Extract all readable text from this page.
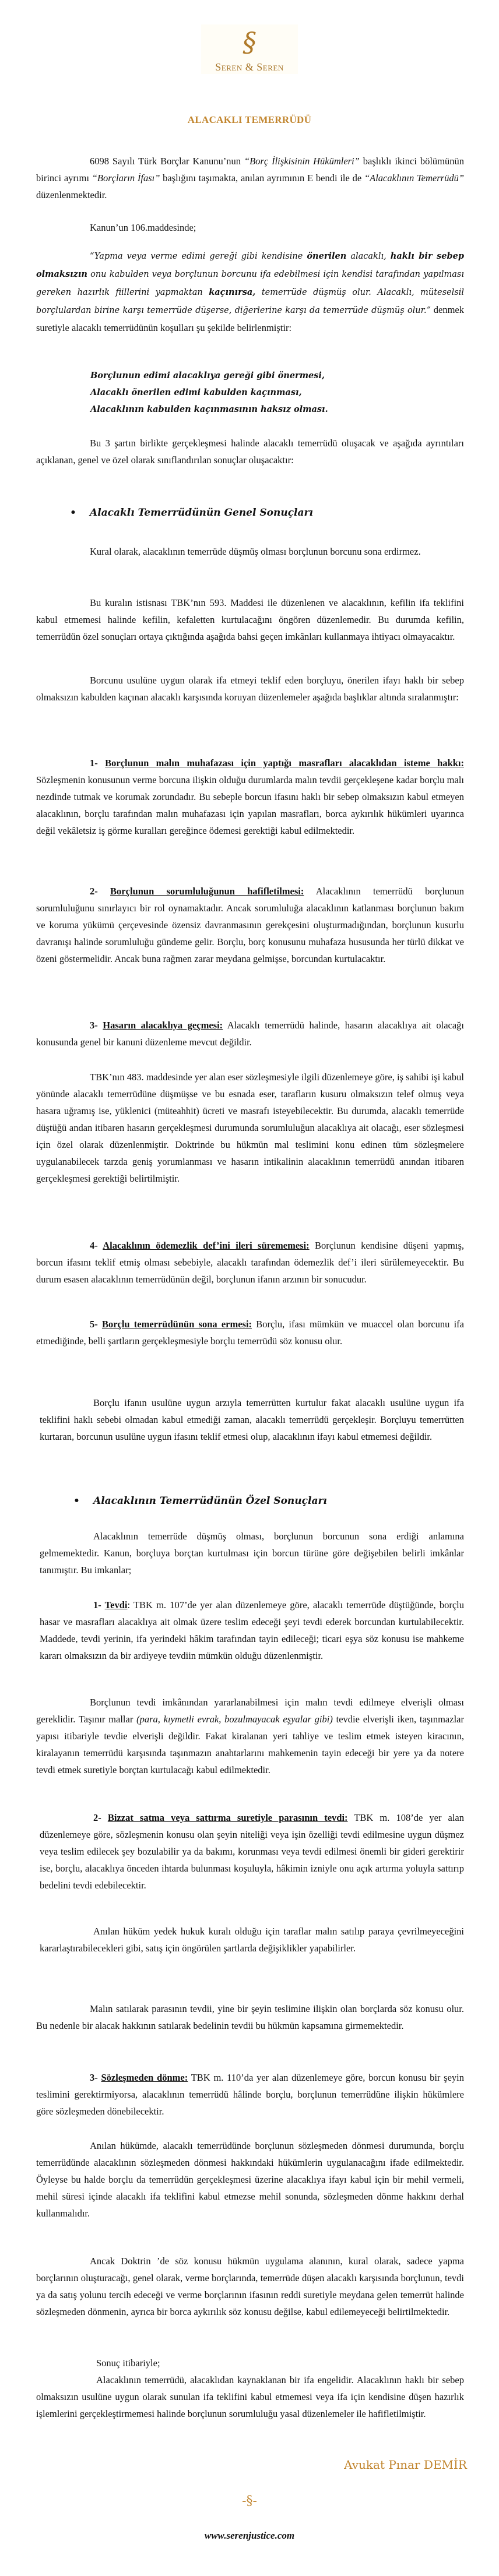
§
Seren & Seren
ALACAKLI TEMERRÜDÜ

6098 Sayılı Türk Borçlar Kanunu’nun “Borç İlişkisinin Hükümleri” başlıklı ikinci bölümünün birinci ayrımı “Borçların İfası” başlığını taşımakta, anılan ayrımının E bendi ile de “Alacaklının Temerrüdü” düzenlenmektedir.

Kanun’un 106.maddesinde;

“Yapma veya verme edimi gereği gibi kendisine önerilen alacaklı, haklı bir sebep olmaksızın onu kabulden veya borçlunun borcunu ifa edebilmesi için kendisi tarafından yapılması gereken hazırlık fiillerini yapmaktan kaçınırsa, temerrüde düşmüş olur. Alacaklı, müteselsil borçlulardan birine karşı temerrüde düşerse, diğerlerine karşı da temerrüde düşmüş olur.” denmek suretiyle alacaklı temerrüdünün koşulları şu şekilde belirlenmiştir:

Borçlunun edimi alacaklıya gereği gibi önermesi,
Alacaklı önerilen edimi kabulden kaçınması,
Alacaklının kabulden kaçınmasının haksız olması.

Bu 3 şartın birlikte gerçekleşmesi halinde alacaklı temerrüdü oluşacak ve aşağıda ayrıntıları açıklanan, genel ve özel olarak sınıflandırılan sonuçlar oluşacaktır:

• Alacaklı Temerrüdünün Genel Sonuçları

Kural olarak, alacaklının temerrüde düşmüş olması borçlunun borcunu sona erdirmez.

Bu kuralın istisnası TBK’nın 593. Maddesi ile düzenlenen ve alacaklının, kefilin ifa teklifini kabul etmemesi halinde kefilin, kefaletten kurtulacağını öngören düzenlemedir. Bu durumda kefilin, temerrüdün özel sonuçları ortaya çıktığında aşağıda bahsi geçen imkânları kullanmaya ihtiyacı olmayacaktır.

Borcunu usulüne uygun olarak ifa etmeyi teklif eden borçluyu, önerilen ifayı haklı bir sebep olmaksızın kabulden kaçınan alacaklı karşısında koruyan düzenlemeler aşağıda başlıklar altında sıralanmıştır:

1- Borçlunun malın muhafazası için yaptığı masrafları alacaklıdan isteme hakkı: Sözleşmenin konusunun verme borcuna ilişkin olduğu durumlarda malın tevdii gerçekleşene kadar borçlu malı nezdinde tutmak ve korumak zorundadır. Bu sebeple borcun ifasını haklı bir sebep olmaksızın kabul etmeyen alacaklının, borçlu tarafından malın muhafazası için yapılan masrafları, borca aykırılık hükümleri uyarınca değil vekâletsiz iş görme kuralları gereğince ödemesi gerektiği kabul edilmektedir.

2- Borçlunun sorumluluğunun hafifletilmesi: Alacaklının temerrüdü borçlunun sorumluluğunu sınırlayıcı bir rol oynamaktadır. Ancak sorumluluğa alacaklının katlanması borçlunun bakım ve koruma yükümü çerçevesinde özensiz davranmasının gerekçesini oluşturmadığından, borçlunun kusurlu davranışı halinde sorumluluğu gündeme gelir. Borçlu, borç konusunu muhafaza hususunda her türlü dikkat ve özeni göstermelidir. Ancak buna rağmen zarar meydana gelmişse, borcundan kurtulacaktır.

3- Hasarın alacaklıya geçmesi: Alacaklı temerrüdü halinde, hasarın alacaklıya ait olacağı konusunda genel bir kanuni düzenleme mevcut değildir.

TBK’nın 483. maddesinde yer alan eser sözleşmesiyle ilgili düzenlemeye göre, iş sahibi işi kabul yönünde alacaklı temerrüdüne düşmüşse ve bu esnada eser, tarafların kusuru olmaksızın telef olmuş veya hasara uğramış ise, yüklenici (müteahhit) ücreti ve masrafı isteyebilecektir. Bu durumda, alacaklı temerrüde düştüğü andan itibaren hasarın gerçekleşmesi durumunda sorumluluğun alacaklıya ait olacağı, eser sözleşmesi için özel olarak düzenlenmiştir. Doktrinde bu hükmün mal teslimini konu edinen tüm sözleşmelere uygulanabilecek tarzda geniş yorumlanması ve hasarın intikalinin alacaklının temerrüdü anından itibaren gerçekleşmesi gerektiği belirtilmiştir.

4- Alacaklının ödemezlik def’ini ileri sürememesi: Borçlunun kendisine düşeni yapmış, borcun ifasını teklif etmiş olması sebebiyle, alacaklı tarafından ödemezlik def’i ileri sürülemeyecektir. Bu durum esasen alacaklının temerrüdünün değil, borçlunun ifanın arzının bir sonucudur.

5- Borçlu temerrüdünün sona ermesi: Borçlu, ifası mümkün ve muaccel olan borcunu ifa etmediğinde, belli şartların gerçekleşmesiyle borçlu temerrüdü söz konusu olur.

Borçlu ifanın usulüne uygun arzıyla temerrütten kurtulur fakat alacaklı usulüne uygun ifa teklifini haklı sebebi olmadan kabul etmediği zaman, alacaklı temerrüdü gerçekleşir. Borçluyu temerrütten kurtaran, borcunun usulüne uygun ifasını teklif etmesi olup, alacaklının ifayı kabul etmemesi değildir.

• Alacaklının Temerrüdünün Özel Sonuçları

Alacaklının temerrüde düşmüş olması, borçlunun borcunun sona erdiği anlamına gelmemektedir. Kanun, borçluya borçtan kurtulması için borcun türüne göre değişebilen belirli imkânlar tanımıştır. Bu imkanlar;

1- Tevdi: TBK m. 107’de yer alan düzenlemeye göre, alacaklı temerrüde düştüğünde, borçlu hasar ve masrafları alacaklıya ait olmak üzere teslim edeceği şeyi tevdi ederek borcundan kurtulabilecektir. Maddede, tevdi yerinin, ifa yerindeki hâkim tarafından tayin edileceği; ticari eşya söz konusu ise mahkeme kararı olmaksızın da bir ardiyeye tevdiin mümkün olduğu düzenlenmiştir.

Borçlunun tevdi imkânından yararlanabilmesi için malın tevdi edilmeye elverişli olması gereklidir. Taşınır mallar (para, kıymetli evrak, bozulmayacak eşyalar gibi) tevdie elverişli iken, taşınmazlar yapısı itibariyle tevdie elverişli değildir. Fakat kiralanan yeri tahliye ve teslim etmek isteyen kiracının, kiralayanın temerrüdü karşısında taşınmazın anahtarlarını mahkemenin tayin edeceği bir yere ya da notere tevdi etmek suretiyle borçtan kurtulacağı kabul edilmektedir.

2- Bizzat satma veya sattırma suretiyle parasının tevdi: TBK m. 108’de yer alan düzenlemeye göre, sözleşmenin konusu olan şeyin niteliği veya işin özelliği tevdi edilmesine uygun düşmez veya teslim edilecek şey bozulabilir ya da bakımı, korunması veya tevdi edilmesi önemli bir gideri gerektirir ise, borçlu, alacaklıya önceden ihtarda bulunması koşuluyla, hâkimin izniyle onu açık artırma yoluyla sattırıp bedelini tevdi edebilecektir.

Anılan hüküm yedek hukuk kuralı olduğu için taraflar malın satılıp paraya çevrilmeyeceğini kararlaştırabilecekleri gibi, satış için öngörülen şartlarda değişiklikler yapabilirler.

Malın satılarak parasının tevdii, yine bir şeyin teslimine ilişkin olan borçlarda söz konusu olur. Bu nedenle bir alacak hakkının satılarak bedelinin tevdii bu hükmün kapsamına girmemektedir.

3- Sözleşmeden dönme: TBK m. 110’da yer alan düzenlemeye göre, borcun konusu bir şeyin teslimini gerektirmiyorsa, alacaklının temerrüdü hâlinde borçlu, borçlunun temerrüdüne ilişkin hükümlere göre sözleşmeden dönebilecektir.

Anılan hükümde, alacaklı temerrüdünde borçlunun sözleşmeden dönmesi durumunda, borçlu temerrüdünde alacaklının sözleşmeden dönmesi hakkındaki hükümlerin uygulanacağını ifade edilmektedir. Öyleyse bu halde borçlu da temerrüdün gerçekleşmesi üzerine alacaklıya ifayı kabul için bir mehil vermeli, mehil süresi içinde alacaklı ifa teklifini kabul etmezse mehil sonunda, sözleşmeden dönme hakkını derhal kullanmalıdır.

Ancak Doktrin ’de söz konusu hükmün uygulama alanının, kural olarak, sadece yapma borçlarının oluşturacağı, genel olarak, verme borçlarında, temerrüde düşen alacaklı karşısında borçlunun, tevdi ya da satış yolunu tercih edeceği ve verme borçlarının ifasının reddi suretiyle meydana gelen temerrüt halinde sözleşmeden dönmenin, ayrıca bir borca aykırılık söz konusu değilse, kabul edilemeyeceği belirtilmektedir.

Sonuç itibariyle;

Alacaklının temerrüdü, alacaklıdan kaynaklanan bir ifa engelidir. Alacaklının haklı bir sebep olmaksızın usulüne uygun olarak sunulan ifa teklifini kabul etmemesi veya ifa için kendisine düşen hazırlık işlemlerini gerçekleştirmemesi halinde borçlunun sorumluluğu yasal düzenlemeler ile hafifletilmiştir.

Avukat Pınar DEMİR
-§-
www.serenjustice.com
